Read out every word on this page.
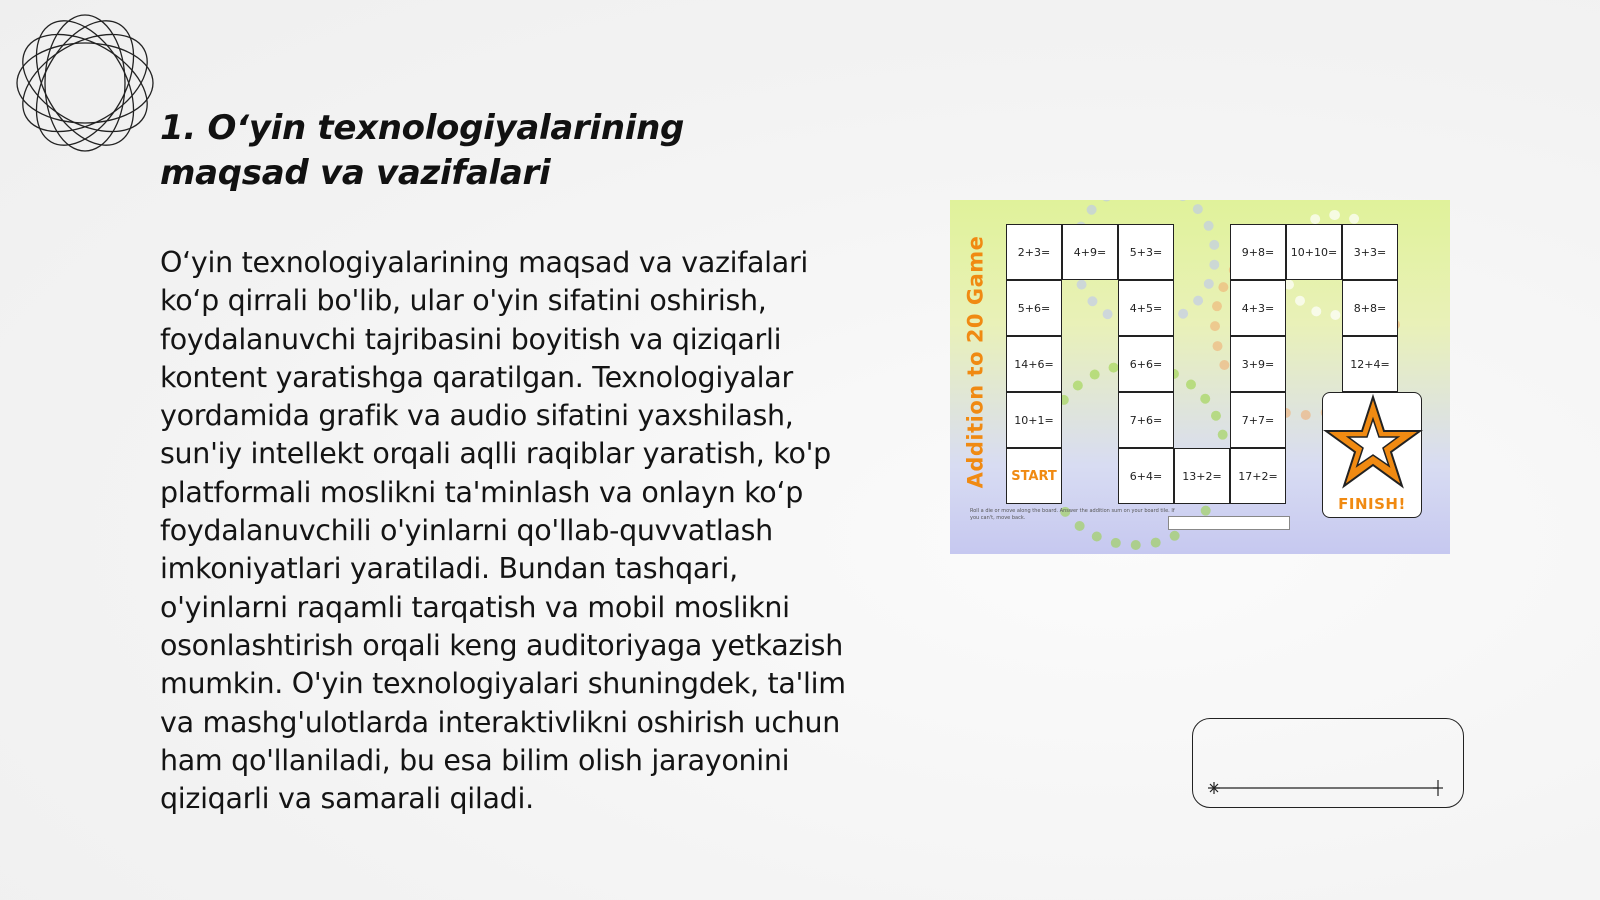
1. O‘yin texnologiyalarining maqsad va vazifalari

O‘yin texnologiyalarining maqsad va vazifalari ko‘p qirrali bo'lib, ular o'yin sifatini oshirish, foydalanuvchi tajribasini boyitish va qiziqarli kontent yaratishga qaratilgan. Texnologiyalar yordamida grafik va audio sifatini yaxshilash, sun'iy intellekt orqali aqlli raqiblar yaratish, ko'p platformali moslikni ta'minlash va onlayn ko‘p foydalanuvchili o'yinlarni qo'llab-quvvatlash imkoniyatlari yaratiladi. Bundan tashqari, o'yinlarni raqamli tarqatish va mobil moslikni osonlashtirish orqali keng auditoriyaga yetkazish mumkin. O'yin texnologiyalari shuningdek, ta'lim va mashg'ulotlarda interaktivlikni oshirish uchun ham qo'llaniladi, bu esa bilim olish jarayonini qiziqarli va samarali qiladi.

Addition to 20 Game	2+3=	4+9=	5+3=	9+8=	10+10=	3+3=
5+6=	4+5=	4+3=	8+8=
14+6=	6+6=	3+9=	12+4=
10+1=	7+6=	7+7=
START	6+4=	13+2=	17+2=
FINISH!
Roll a die or move along the board. Answer the addition sum on your board tile. If you can't, move back.
